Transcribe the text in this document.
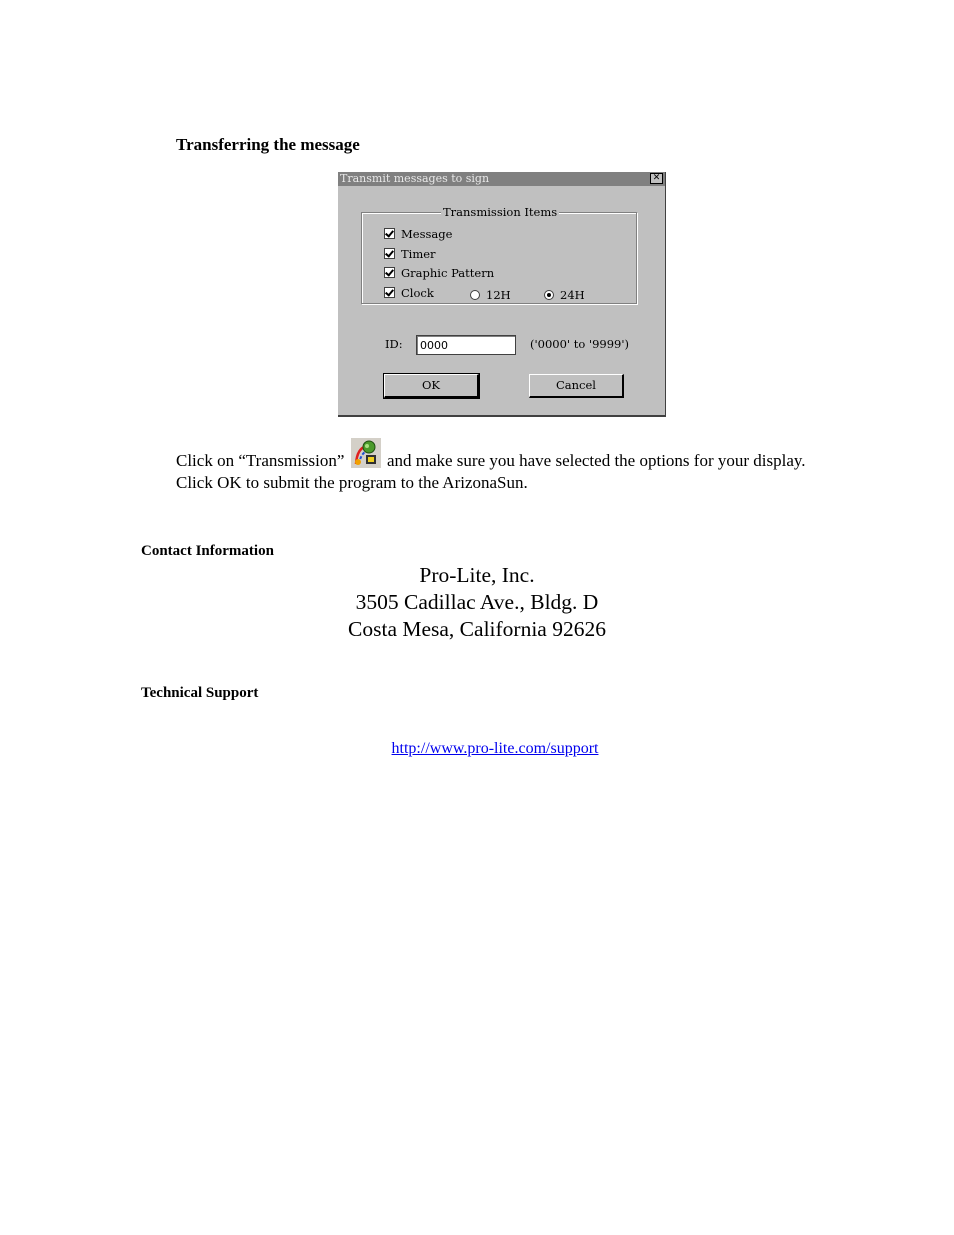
Transferring the message
Transmit messages to sign	✕
Transmission Items
Message
Timer
Graphic Pattern
Clock	12H	24H
ID:	0000	('0000' to '9999')
OK	Cancel
Click on “Transmission”	and make sure you have selected the options for your display. Click OK to submit the program to the ArizonaSun.
Contact Information
Pro-Lite, Inc.
3505 Cadillac Ave., Bldg. D
Costa Mesa, California 92626
Technical Support
http://www.pro-lite.com/support
